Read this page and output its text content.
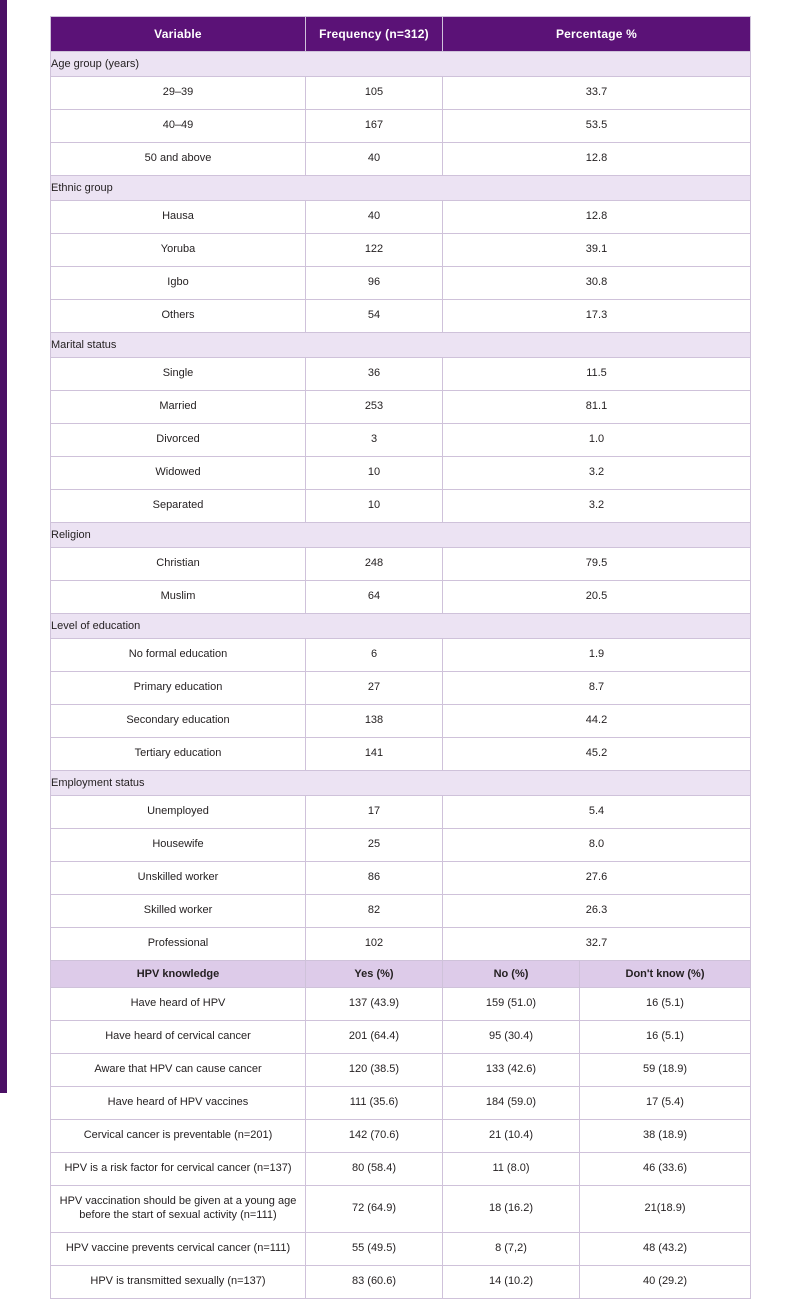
Variable	Frequency (n=312)	Percentage %	
Age group (years)			
29–39	105	33.7	
40–49	167	53.5	
50 and above	40	12.8	
Ethnic group			
Hausa	40	12.8	
Yoruba	122	39.1	
Igbo	96	30.8	
Others	54	17.3	
Marital status			
Single	36	11.5	
Married	253	81.1	
Divorced	3	1.0	
Widowed	10	3.2	
Separated	10	3.2	
Religion			
Christian	248	79.5	
Muslim	64	20.5	
Level of education			
No formal education	6	1.9	
Primary education	27	8.7	
Secondary education	138	44.2	
Tertiary education	141	45.2	
Employment status			
Unemployed	17	5.4	
Housewife	25	8.0	
Unskilled worker	86	27.6	
Skilled worker	82	26.3	
Professional	102	32.7	
HPV knowledge	Yes (%)	No (%)	Don't know (%)
Have heard of HPV	137 (43.9)	159 (51.0)	16 (5.1)
Have heard of cervical cancer	201 (64.4)	95 (30.4)	16 (5.1)
Aware that HPV can cause cancer	120 (38.5)	133 (42.6)	59 (18.9)
Have heard of HPV vaccines	111 (35.6)	184 (59.0)	17 (5.4)
Cervical cancer is preventable (n=201)	142 (70.6)	21 (10.4)	38 (18.9)
HPV is a risk factor for cervical cancer (n=137)	80 (58.4)	11 (8.0)	46 (33.6)
HPV vaccination should be given at a young age before the start of sexual activity (n=111)	72 (64.9)	18 (16.2)	21(18.9)
HPV vaccine prevents cervical cancer (n=111)	55 (49.5)	8 (7,2)	48 (43.2)
HPV is transmitted sexually (n=137)	83 (60.6)	14 (10.2)	40 (29.2)
